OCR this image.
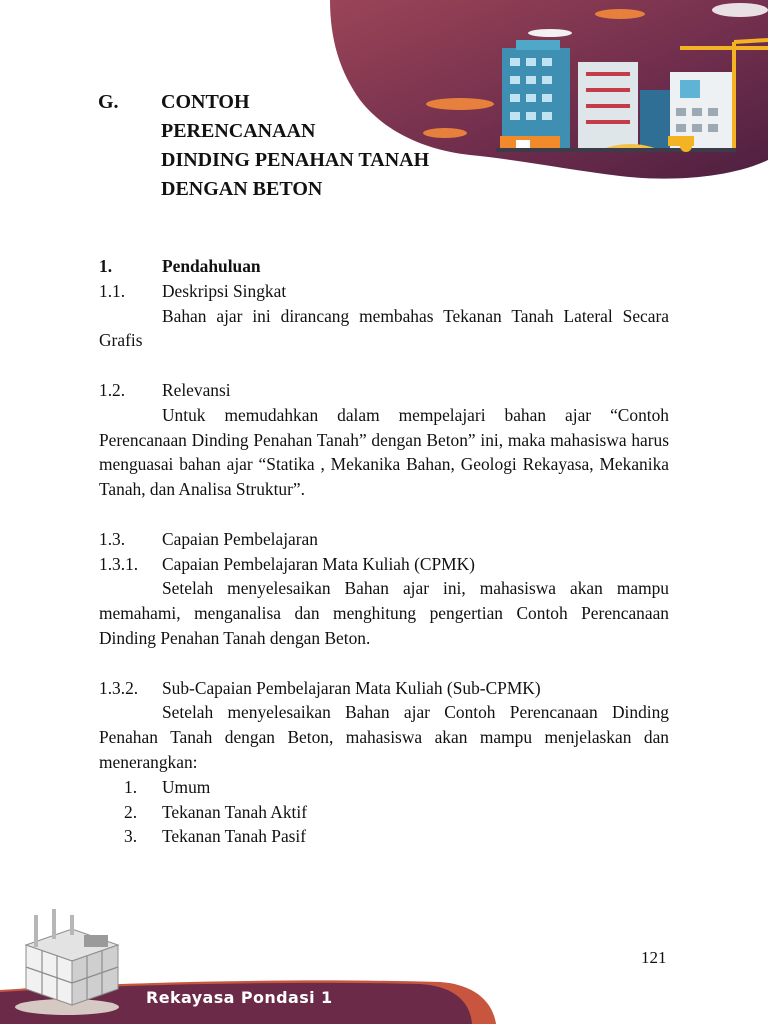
G. CONTOH
PERENCANAAN
DINDING PENAHAN TANAH
DENGAN BETON
1.	Pendahuluan
1.1. Deskripsi Singkat

Bahan ajar ini dirancang membahas Tekanan Tanah Lateral Secara Grafis

1.2. Relevansi

Untuk memudahkan dalam mempelajari bahan ajar “Contoh Perencanaan Dinding Penahan Tanah” dengan Beton” ini, maka mahasiswa harus menguasai bahan ajar “Statika , Mekanika Bahan, Geologi Rekayasa, Mekanika Tanah, dan Analisa Struktur”.

1.3. Capaian Pembelajaran
1.3.1. Capaian Pembelajaran Mata Kuliah (CPMK)

Setelah menyelesaikan Bahan ajar ini, mahasiswa akan mampu memahami, menganalisa dan menghitung pengertian Contoh Perencanaan Dinding Penahan Tanah dengan Beton.

1.3.2. Sub-Capaian Pembelajaran Mata Kuliah (Sub-CPMK)

Setelah menyelesaikan Bahan ajar Contoh Perencanaan Dinding Penahan Tanah dengan Beton, mahasiswa akan mampu menjelaskan dan menerangkan:

1. Umum
2. Tekanan Tanah Aktif
3. Tekanan Tanah Pasif
121
Rekayasa Pondasi 1
